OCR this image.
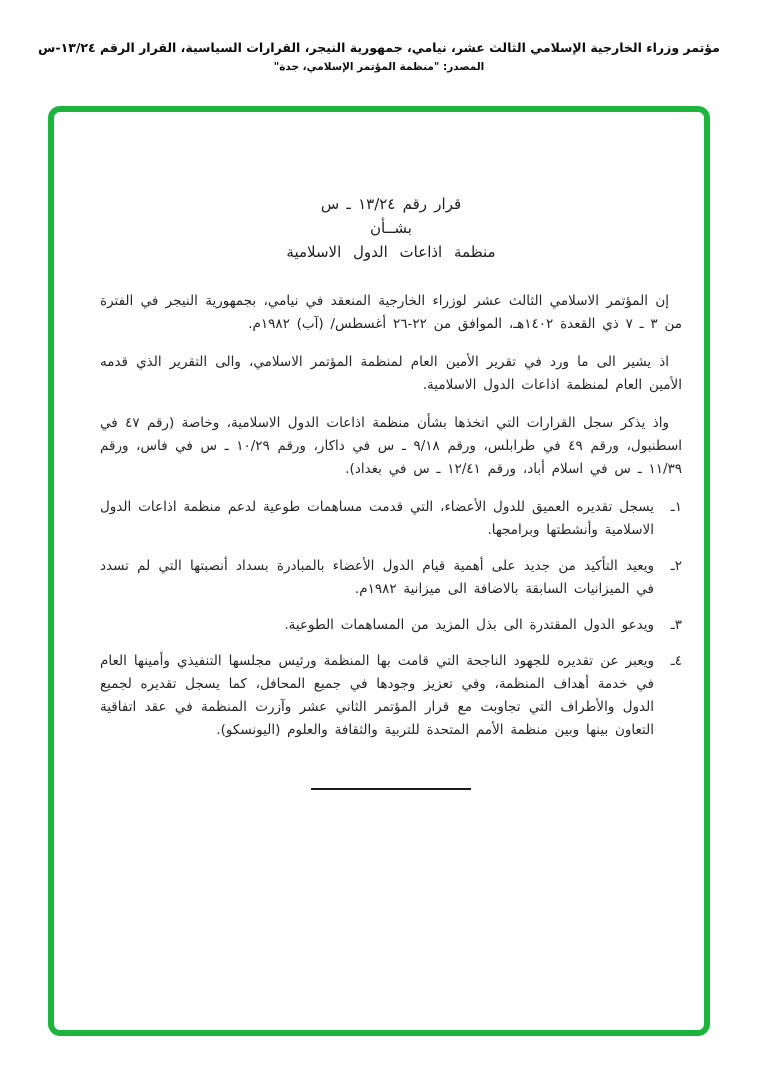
مؤتمر وزراء الخارجية الإسلامي الثالث عشر، نيامي، جمهورية النيجر، القرارات السياسية، القرار الرقم ١٣/٢٤-س
المصدر: "منظمة المؤتمر الإسلامي، جدة"
قرار رقم ١٣/٢٤ ـ س
بشــأن
منظمة اذاعات الدول الاسلامية

إن المؤتمر الاسلامي الثالث عشر لوزراء الخارجية المنعقد في نيامي، بجمهورية النيجر في الفترة من ٣ ـ ٧ ذي القعدة ١٤٠٢هـ، الموافق من ٢٢-٢٦ أغسطس/ (آب) ١٩٨٢م.

اذ يشير الى ما ورد في تقرير الأمين العام لمنظمة المؤتمر الاسلامي، والى التقرير الذي قدمه الأمين العام لمنظمة اذاعات الدول الاسلامية.

واذ يذكر سجل القرارات التي اتخذها بشأن منظمة اذاعات الدول الاسلامية، وخاصة (رقم ٤٧ في اسطنبول، ورقم ٤٩ في طرابلس، ورقم ٩/١٨ ـ س في داكار، ورقم ١٠/٢٩ ـ س في فاس، ورقم ١١/٣٩ ـ س في اسلام أباد، ورقم ١٢/٤١ ـ س في بغداد).

١ـ
يسجل تقديره العميق للدول الأعضاء، التي قدمت مساهمات طوعية لدعم منظمة اذاعات الدول الاسلامية وأنشطتها وبرامجها.
٢ـ
ويعيد التأكيد من جديد على أهمية قيام الدول الأعضاء بالمبادرة بسداد أنصبتها التي لم تسدد في الميزانيات السابقة بالاضافة الى ميزانية ١٩٨٢م.
٣ـ
ويدعو الدول المقتدرة الى بذل المزيد من المساهمات الطوعية.
٤ـ
ويعبر عن تقديره للجهود الناجحة التي قامت بها المنظمة ورئيس مجلسها التنفيذي وأمينها العام في خدمة أهداف المنظمة، وفي تعزيز وجودها في جميع المحافل، كما يسجل تقديره لجميع الدول والأطراف التي تجاوبت مع قرار المؤتمر الثاني عشر وآزرت المنظمة في عقد اتفاقية التعاون بينها وبين منظمة الأمم المتحدة للتربية والثقافة والعلوم (اليونسكو).
